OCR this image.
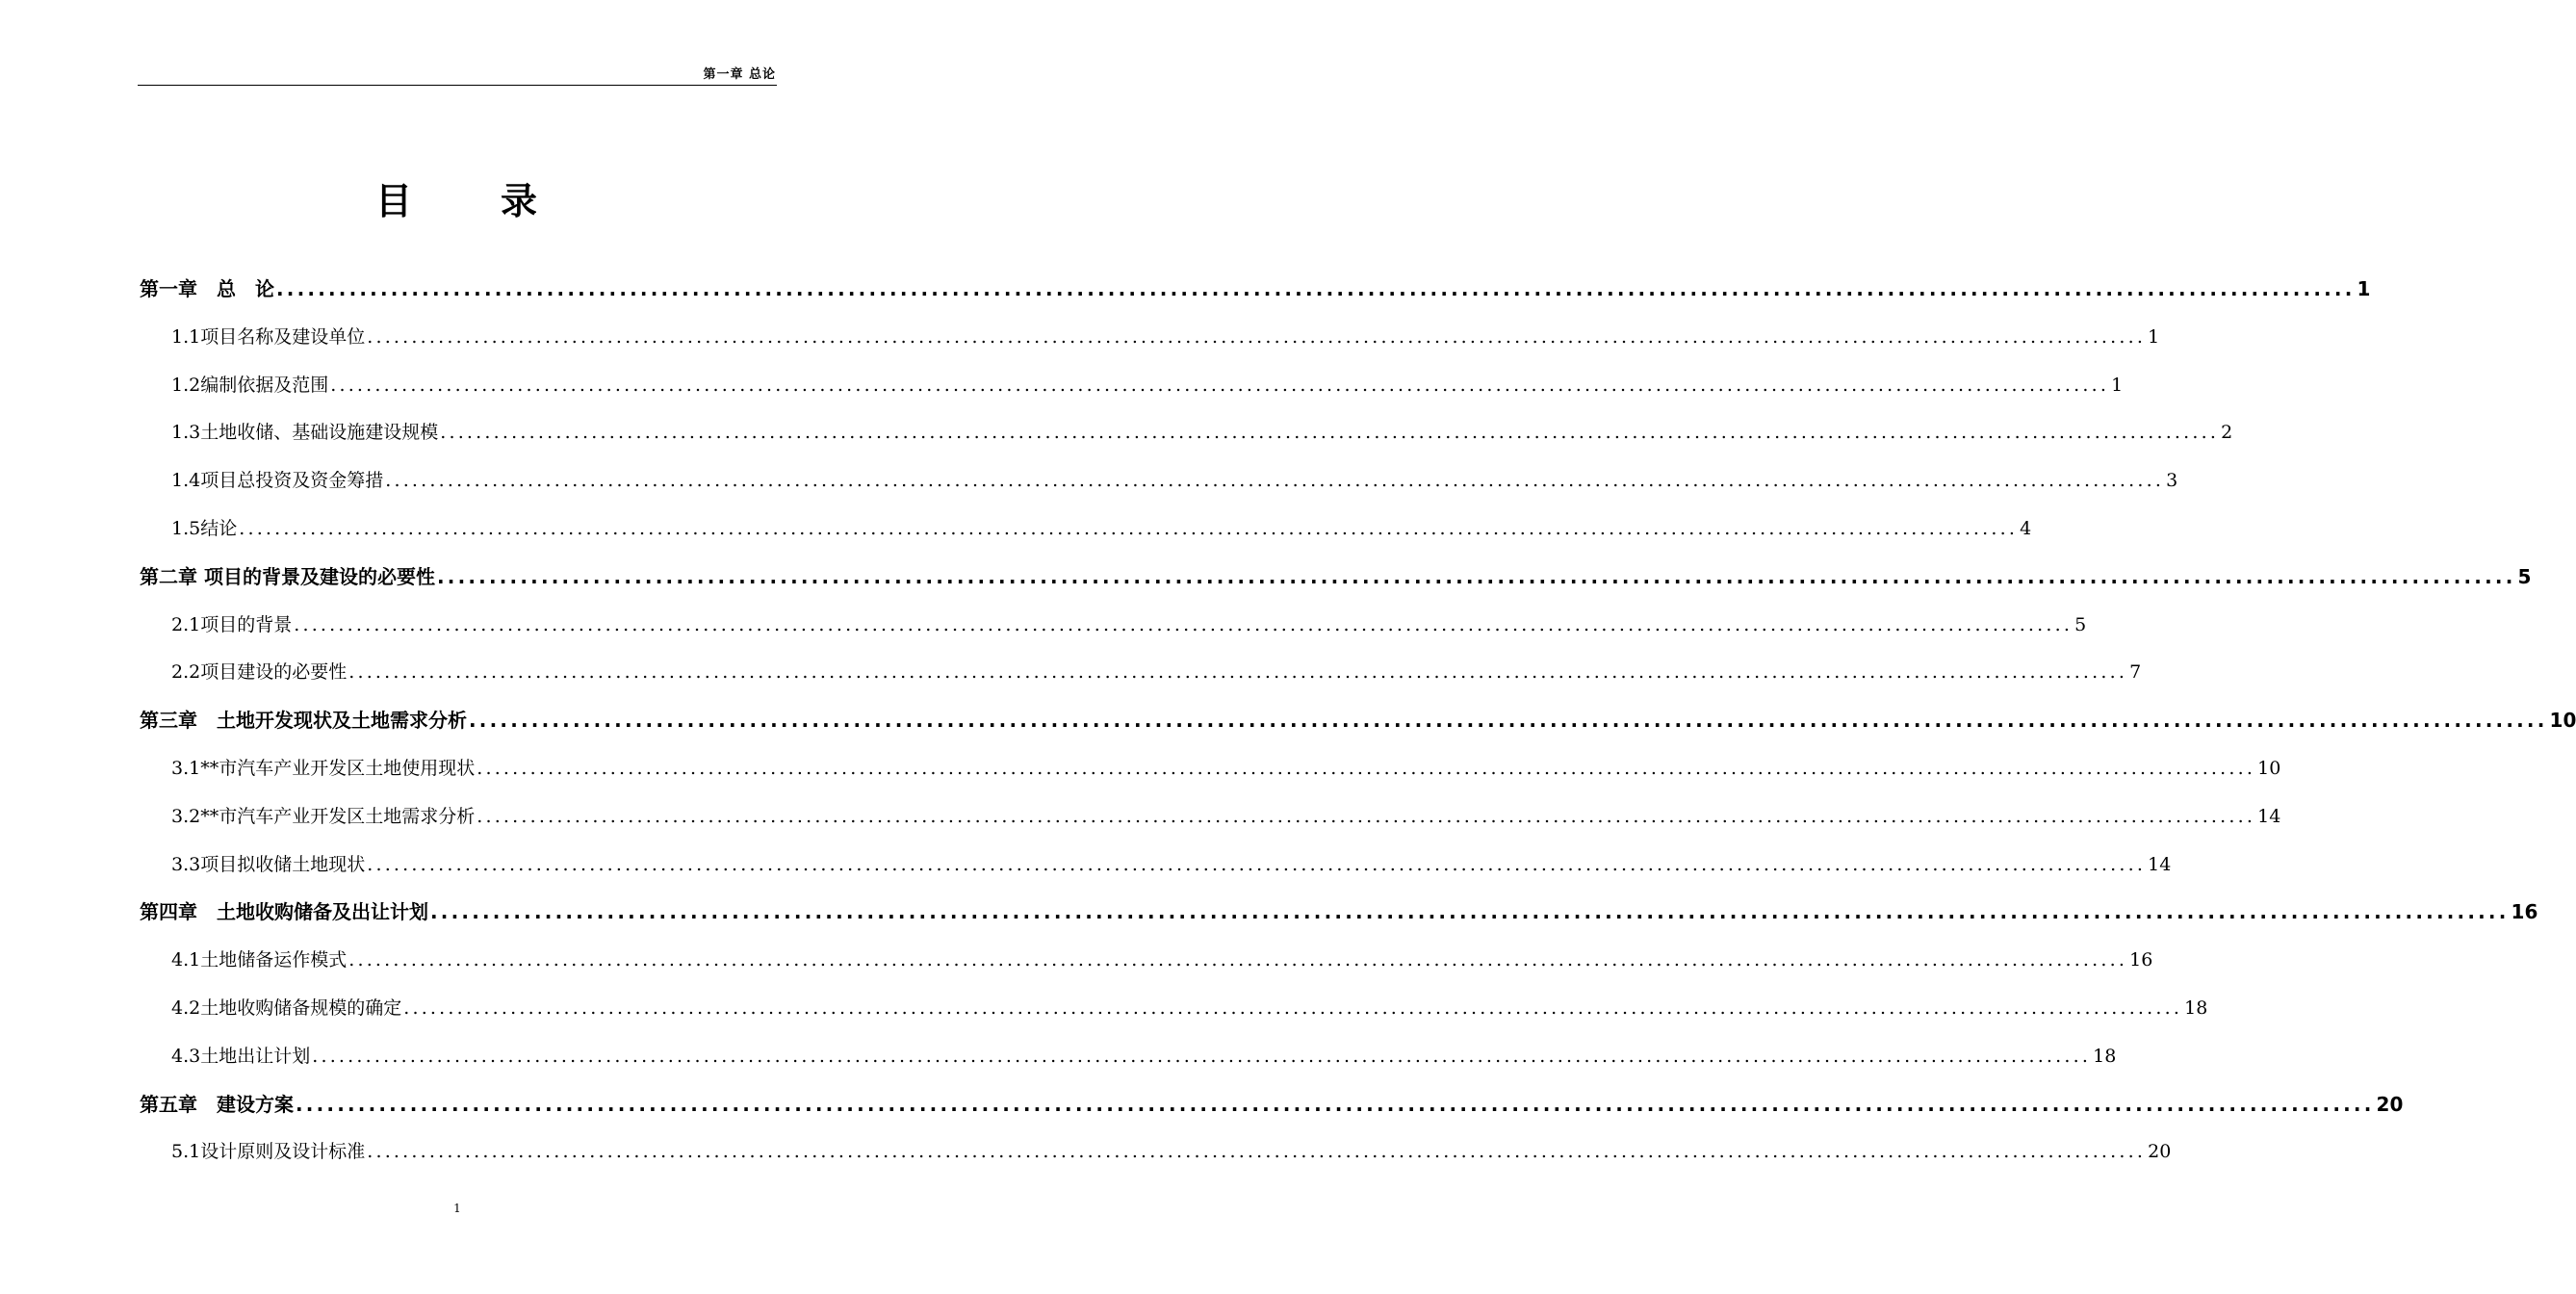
第一章 总论
目 录
第一章　总　论 ........................................................................................................................................................................................................ 1
1.1项目名称及建设单位 ........................................................................................................................................................................................................ 1
1.2编制依据及范围 ........................................................................................................................................................................................................ 1
1.3土地收储、基础设施建设规模 ........................................................................................................................................................................................................ 2
1.4项目总投资及资金筹措 ........................................................................................................................................................................................................ 3
1.5结论 ........................................................................................................................................................................................................ 4
第二章 项目的背景及建设的必要性 ........................................................................................................................................................................................................ 5
2.1项目的背景 ........................................................................................................................................................................................................ 5
2.2项目建设的必要性 ........................................................................................................................................................................................................ 7
第三章　土地开发现状及土地需求分析 ........................................................................................................................................................................................................ 10
3.1**市汽车产业开发区土地使用现状 ........................................................................................................................................................................................................ 10
3.2**市汽车产业开发区土地需求分析 ........................................................................................................................................................................................................ 14
3.3项目拟收储土地现状 ........................................................................................................................................................................................................ 14
第四章　土地收购储备及出让计划 ........................................................................................................................................................................................................ 16
4.1土地储备运作模式 ........................................................................................................................................................................................................ 16
4.2土地收购储备规模的确定 ........................................................................................................................................................................................................ 18
4.3土地出让计划 ........................................................................................................................................................................................................ 18
第五章　建设方案 ........................................................................................................................................................................................................ 20
5.1设计原则及设计标准 ........................................................................................................................................................................................................ 20
1
